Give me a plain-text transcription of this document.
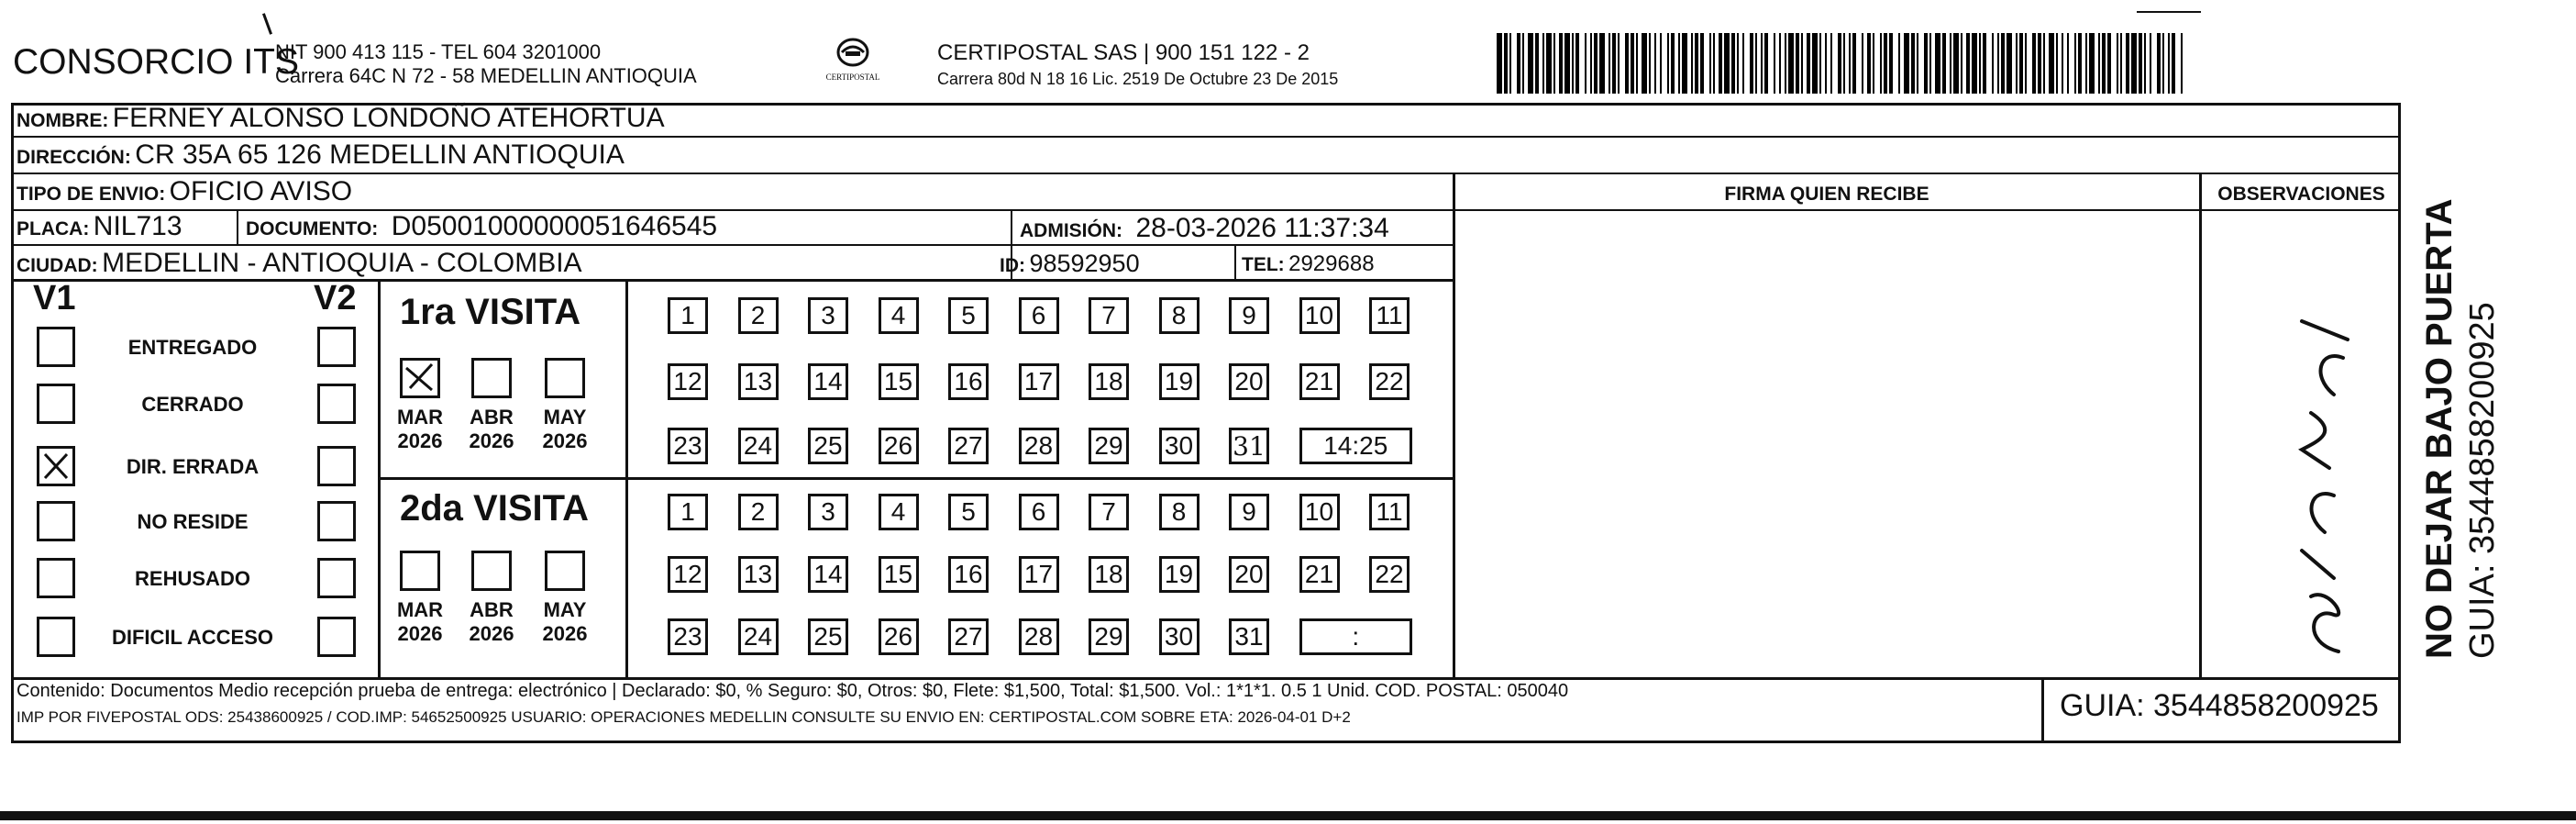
CONSORCIO ITS
NIT 900 413 115 - TEL 604 3201000
Carrera 64C N 72 - 58 MEDELLIN ANTIOQUIA	CERTIPOSTAL
CERTIPOSTAL SAS | 900 151 122 - 2
Carrera 80d N 18 16 Lic. 2519 De Octubre 23 De 2015
NOMBRE: FERNEY ALONSO LONDOÑO ATEHORTUA
DIRECCIÓN: CR 35A 65 126 MEDELLIN ANTIOQUIA
TIPO DE ENVIO: OFICIO AVISO
PLACA: NIL713	DOCUMENTO: D05001000000051646545	ADMISIÓN: 28-03-2026 11:37:34
CIUDAD: MEDELLIN - ANTIOQUIA - COLOMBIA	ID: 98592950	TEL: 2929688
FIRMA QUIEN RECIBE	OBSERVACIONES
V1	V2
ENTREGADO
CERRADO
DIR. ERRADA
NO RESIDE
REHUSADO
DIFICIL ACCESO
1ra VISITA
MAR
2026
ABR
2026
MAY
2026
1	2	3	4	5	6	7	8	9	10 11
12 13 14 15 16 17 18 19 20 21 22
23 24 25 26 27 28 29 30 31	14:25
2da VISITA
MAR
2026
ABR
2026
MAY
2026
1	2	3	4	5	6	7	8	9	10 11
12 13 14 15 16 17 18 19 20 21 22
23 24 25 26 27 28 29 30 31	:
Contenido: Documentos Medio recepción prueba de entrega: electrónico | Declarado: $0, % Seguro: $0, Otros: $0, Flete: $1,500, Total: $1,500. Vol.: 1*1*1. 0.5 1 Unid. COD. POSTAL: 050040
IMP POR FIVEPOSTAL ODS: 25438600925 / COD.IMP: 54652500925 USUARIO: OPERACIONES MEDELLIN CONSULTE SU ENVIO EN: CERTIPOSTAL.COM SOBRE ETA: 2026-04-01 D+2	GUIA: 3544858200925
NO DEJAR BAJO PUERTA GUIA: 3544858200925
